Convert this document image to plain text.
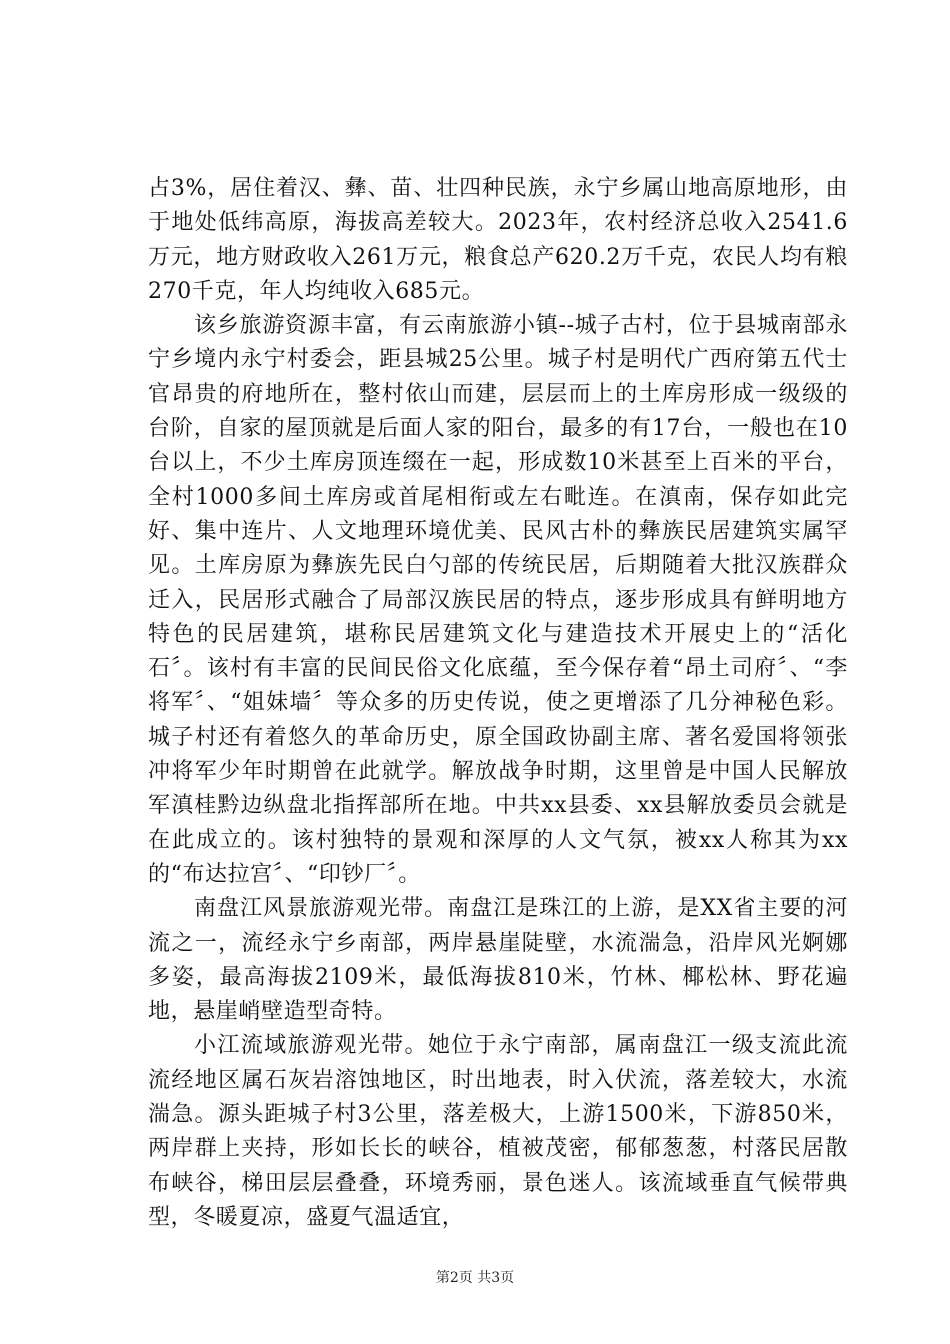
占3%，居住着汉、彝、苗、壮四种民族，永宁乡属山地高原地形，由于地处低纬高原，海拔高差较大。2023年，农村经济总收入2541.6万元，地方财政收入261万元，粮食总产620.2万千克，农民人均有粮270千克，年人均纯收入685元。

该乡旅游资源丰富，有云南旅游小镇--城子古村，位于县城南部永宁乡境内永宁村委会，距县城25公里。城子村是明代广西府第五代士官昂贵的府地所在，整村依山而建，层层而上的土库房形成一级级的台阶，自家的屋顶就是后面人家的阳台，最多的有17台，一般也在10台以上，不少土库房顶连缀在一起，形成数10米甚至上百米的平台，全村1000多间土库房或首尾相衔或左右毗连。在滇南，保存如此完好、集中连片、人文地理环境优美、民风古朴的彝族民居建筑实属罕见。土库房原为彝族先民白勺部的传统民居，后期随着大批汉族群众迁入，民居形式融合了局部汉族民居的特点，逐步形成具有鲜明地方特色的民居建筑，堪称民居建筑文化与建造技术开展史上的“活化石〞。该村有丰富的民间民俗文化底蕴，至今保存着“昂土司府〞、“李将军〞、“姐妹墙〞等众多的历史传说，使之更增添了几分神秘色彩。城子村还有着悠久的革命历史，原全国政协副主席、著名爱国将领张冲将军少年时期曾在此就学。解放战争时期，这里曾是中国人民解放军滇桂黔边纵盘北指挥部所在地。中共xx县委、xx县解放委员会就是在此成立的。该村独特的景观和深厚的人文气氛，被xx人称其为xx的“布达拉宫〞、“印钞厂〞。

南盘江风景旅游观光带。南盘江是珠江的上游，是XX省主要的河流之一，流经永宁乡南部，两岸悬崖陡壁，水流湍急，沿岸风光婀娜多姿，最高海拔2109米，最低海拔810米，竹林、椰松林、野花遍地，悬崖峭壁造型奇特。

小江流域旅游观光带。她位于永宁南部，属南盘江一级支流此流流经地区属石灰岩溶蚀地区，时出地表，时入伏流，落差较大，水流湍急。源头距城子村3公里，落差极大，上游1500米，下游850米，两岸群上夹持，形如长长的峡谷，植被茂密，郁郁葱葱，村落民居散布峡谷，梯田层层叠叠，环境秀丽，景色迷人。该流域垂直气候带典型，冬暖夏凉，盛夏气温适宜，

第2页 共3页
